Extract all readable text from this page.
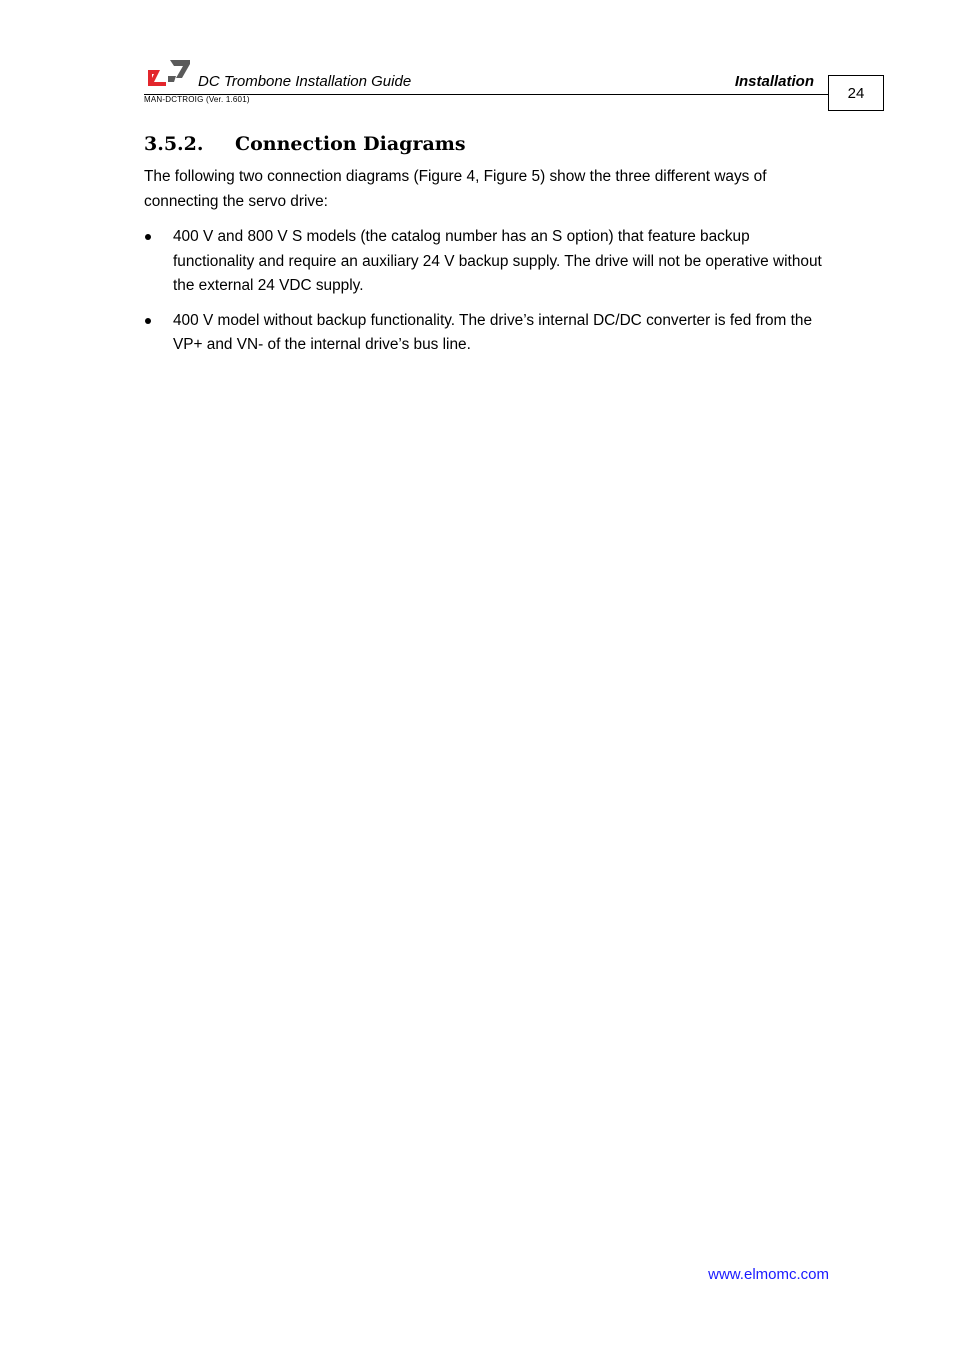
DC Trombone Installation Guide	Installation
MAN-DCTROIG (Ver. 1.601)	24
3.5.2. Connection Diagrams
The following two connection diagrams (Figure 4, Figure 5) show the three different ways of connecting the servo drive:
400 V and 800 V S models (the catalog number has an S option) that feature backup functionality and require an auxiliary 24 V backup supply. The drive will not be operative without the external 24 VDC supply.
400 V model without backup functionality. The drive’s internal DC/DC converter is fed from the VP+ and VN- of the internal drive’s bus line.
www.elmomc.com
